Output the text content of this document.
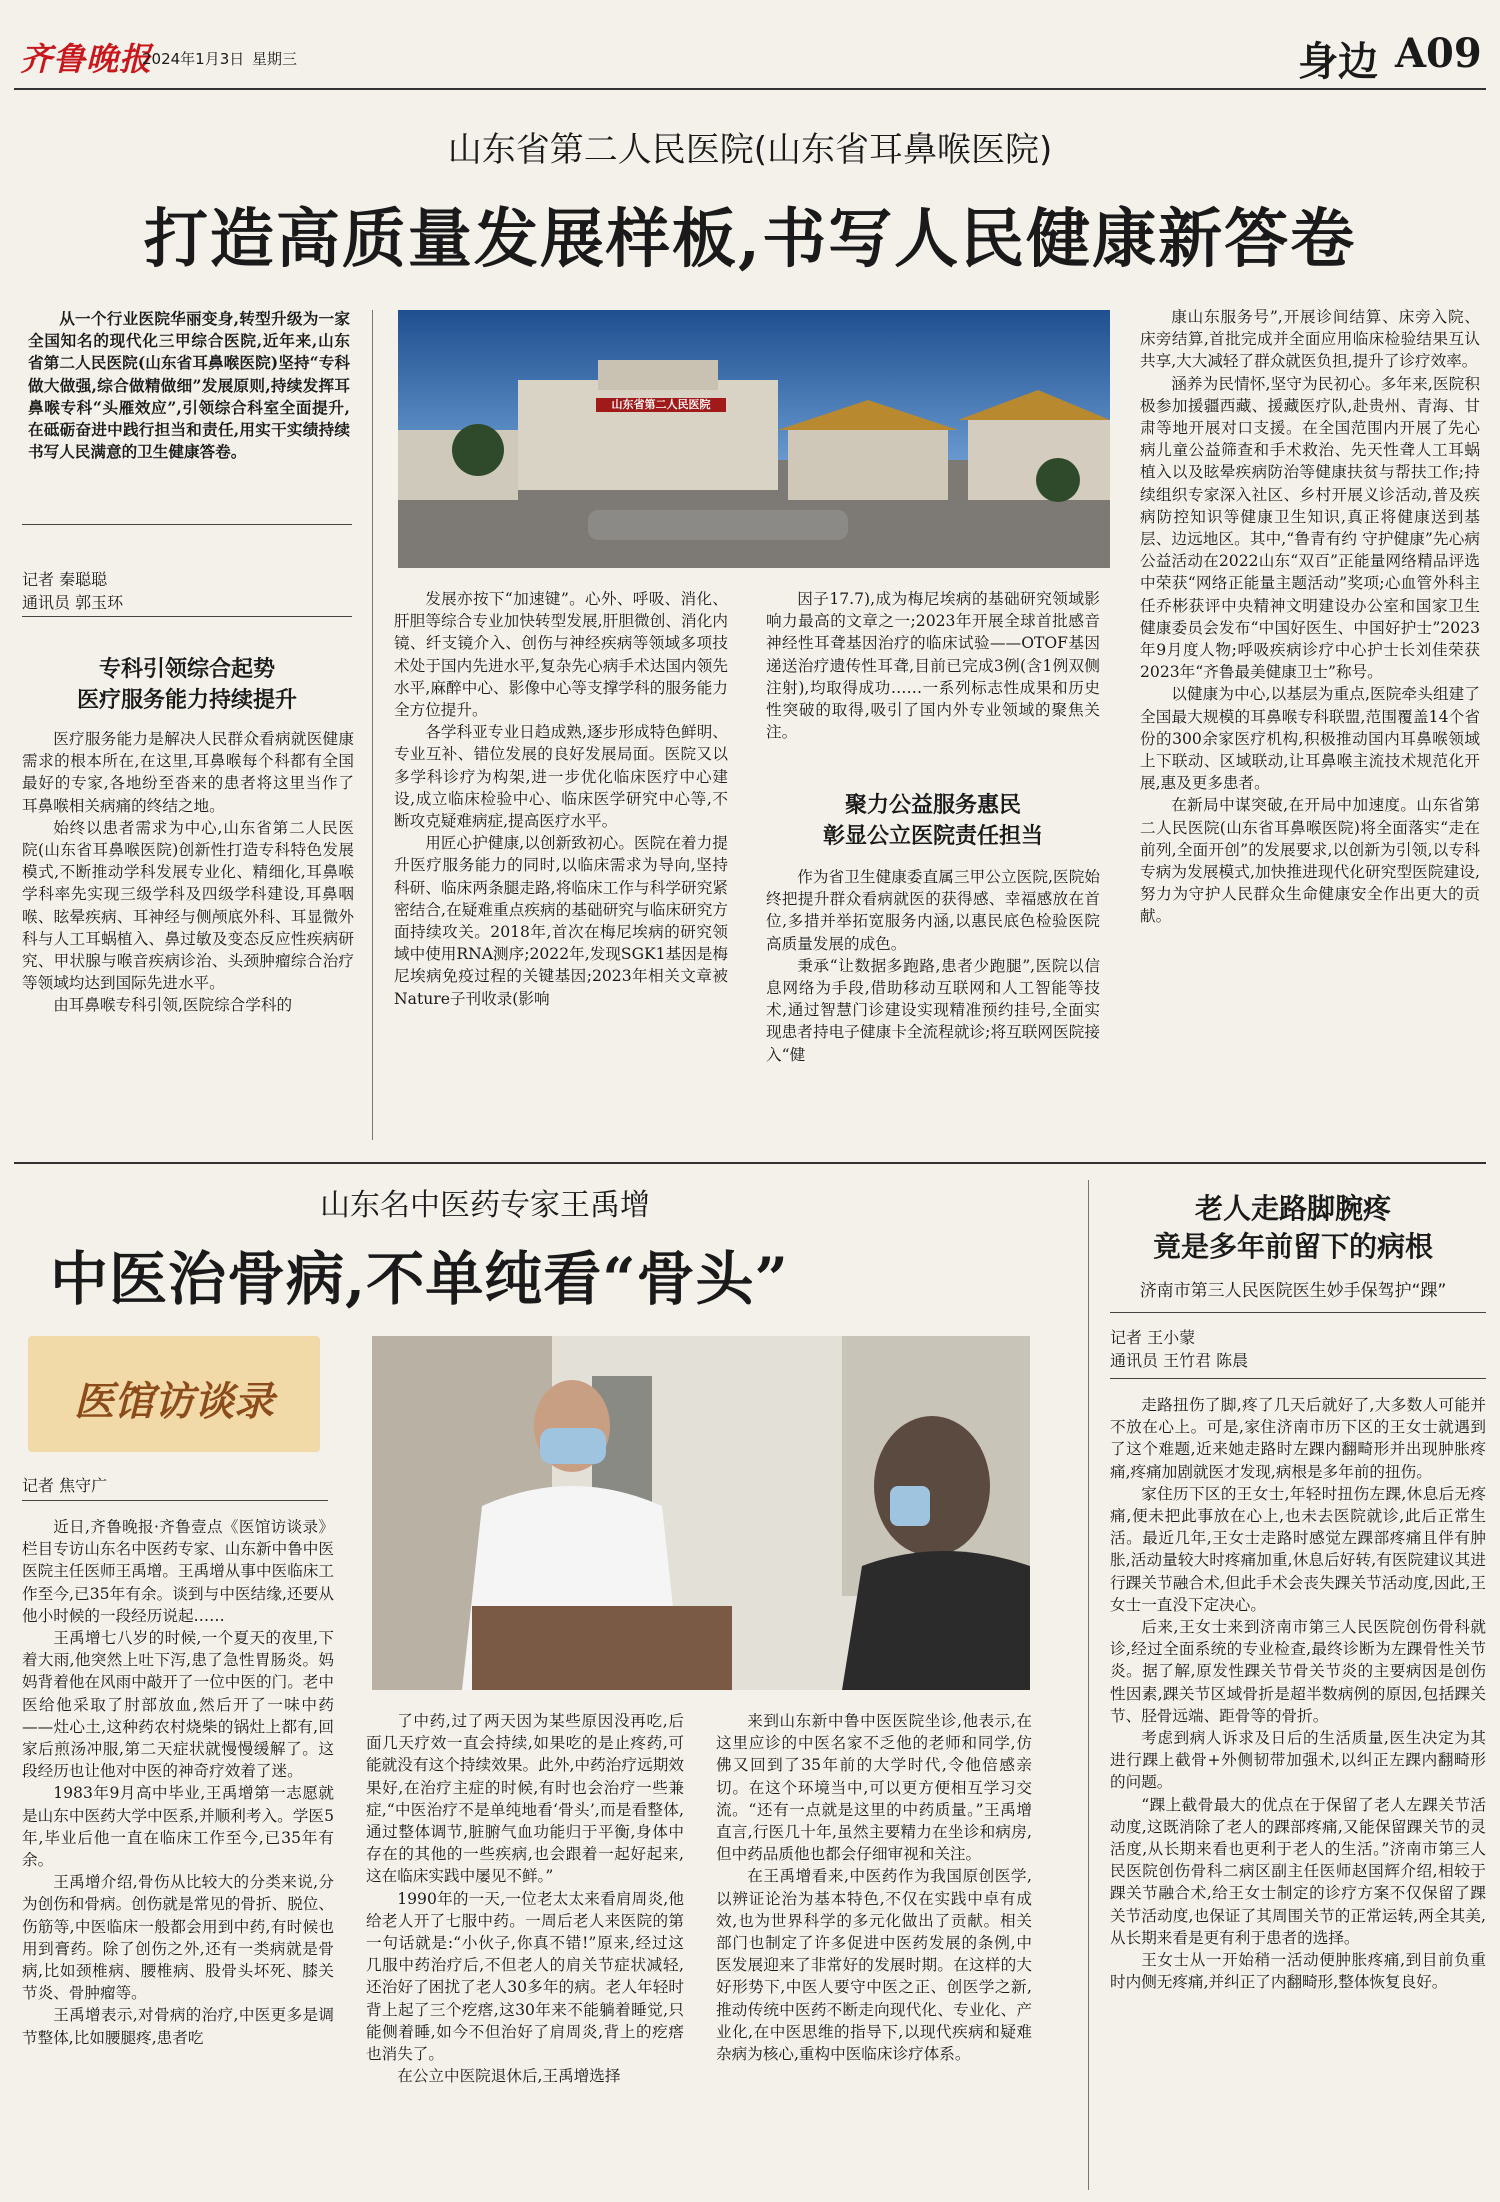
齐鲁晚报
2024年1月3日 星期三	身边 A09
山东省第二人民医院(山东省耳鼻喉医院)
打造高质量发展样板,书写人民健康新答卷

从一个行业医院华丽变身,转型升级为一家全国知名的现代化三甲综合医院,近年来,山东省第二人民医院(山东省耳鼻喉医院)坚持“专科做大做强,综合做精做细”发展原则,持续发挥耳鼻喉专科“头雁效应”,引领综合科室全面提升,在砥砺奋进中践行担当和责任,用实干实绩持续书写人民满意的卫生健康答卷。

山东省第二人民医院
记者 秦聪聪
通讯员 郭玉环
专科引领综合起势
医疗服务能力持续提升

医疗服务能力是解决人民群众看病就医健康需求的根本所在,在这里,耳鼻喉每个科都有全国最好的专家,各地纷至沓来的患者将这里当作了耳鼻喉相关病痛的终结之地。

始终以患者需求为中心,山东省第二人民医院(山东省耳鼻喉医院)创新性打造专科特色发展模式,不断推动学科发展专业化、精细化,耳鼻喉学科率先实现三级学科及四级学科建设,耳鼻咽喉、眩晕疾病、耳神经与侧颅底外科、耳显微外科与人工耳蜗植入、鼻过敏及变态反应性疾病研究、甲状腺与喉音疾病诊治、头颈肿瘤综合治疗等领域均达到国际先进水平。

由耳鼻喉专科引领,医院综合学科的

发展亦按下“加速键”。心外、呼吸、消化、肝胆等综合专业加快转型发展,肝胆微创、消化内镜、纤支镜介入、创伤与神经疾病等领域多项技术处于国内先进水平,复杂先心病手术达国内领先水平,麻醉中心、影像中心等支撑学科的服务能力全方位提升。

各学科亚专业日趋成熟,逐步形成特色鲜明、专业互补、错位发展的良好发展局面。医院又以多学科诊疗为构架,进一步优化临床医疗中心建设,成立临床检验中心、临床医学研究中心等,不断攻克疑难病症,提高医疗水平。

用匠心护健康,以创新致初心。医院在着力提升医疗服务能力的同时,以临床需求为导向,坚持科研、临床两条腿走路,将临床工作与科学研究紧密结合,在疑难重点疾病的基础研究与临床研究方面持续攻关。2018年,首次在梅尼埃病的研究领域中使用RNA测序;2022年,发现SGK1基因是梅尼埃病免疫过程的关键基因;2023年相关文章被Nature子刊收录(影响

因子17.7),成为梅尼埃病的基础研究领域影响力最高的文章之一;2023年开展全球首批感音神经性耳聋基因治疗的临床试验——OTOF基因递送治疗遗传性耳聋,目前已完成3例(含1例双侧注射),均取得成功……一系列标志性成果和历史性突破的取得,吸引了国内外专业领域的聚焦关注。

聚力公益服务惠民
彰显公立医院责任担当

作为省卫生健康委直属三甲公立医院,医院始终把提升群众看病就医的获得感、幸福感放在首位,多措并举拓宽服务内涵,以惠民底色检验医院高质量发展的成色。

秉承“让数据多跑路,患者少跑腿”,医院以信息网络为手段,借助移动互联网和人工智能等技术,通过智慧门诊建设实现精准预约挂号,全面实现患者持电子健康卡全流程就诊;将互联网医院接入“健

康山东服务号”,开展诊间结算、床旁入院、床旁结算,首批完成并全面应用临床检验结果互认共享,大大减轻了群众就医负担,提升了诊疗效率。

涵养为民情怀,坚守为民初心。多年来,医院积极参加援疆西藏、援藏医疗队,赴贵州、青海、甘肃等地开展对口支援。在全国范围内开展了先心病儿童公益筛查和手术救治、先天性聋人工耳蜗植入以及眩晕疾病防治等健康扶贫与帮扶工作;持续组织专家深入社区、乡村开展义诊活动,普及疾病防控知识等健康卫生知识,真正将健康送到基层、边远地区。其中,“鲁青有约 守护健康”先心病公益活动在2022山东“双百”正能量网络精品评选中荣获“网络正能量主题活动”奖项;心血管外科主任乔彬获评中央精神文明建设办公室和国家卫生健康委员会发布“中国好医生、中国好护士”2023年9月度人物;呼吸疾病诊疗中心护士长刘佳荣获2023年“齐鲁最美健康卫士”称号。

以健康为中心,以基层为重点,医院牵头组建了全国最大规模的耳鼻喉专科联盟,范围覆盖14个省份的300余家医疗机构,积极推动国内耳鼻喉领域上下联动、区域联动,让耳鼻喉主流技术规范化开展,惠及更多患者。

在新局中谋突破,在开局中加速度。山东省第二人民医院(山东省耳鼻喉医院)将全面落实“走在前列,全面开创”的发展要求,以创新为引领,以专科专病为发展模式,加快推进现代化研究型医院建设,努力为守护人民群众生命健康安全作出更大的贡献。

山东名中医药专家王禹增
中医治骨病,不单纯看“骨头”
医馆访谈录
记者 焦守广

近日,齐鲁晚报·齐鲁壹点《医馆访谈录》栏目专访山东名中医药专家、山东新中鲁中医医院主任医师王禹增。王禹增从事中医临床工作至今,已35年有余。谈到与中医结缘,还要从他小时候的一段经历说起……

王禹增七八岁的时候,一个夏天的夜里,下着大雨,他突然上吐下泻,患了急性胃肠炎。妈妈背着他在风雨中敲开了一位中医的门。老中医给他采取了肘部放血,然后开了一味中药——灶心土,这种药农村烧柴的锅灶上都有,回家后煎汤冲服,第二天症状就慢慢缓解了。这段经历也让他对中医的神奇疗效着了迷。

1983年9月高中毕业,王禹增第一志愿就是山东中医药大学中医系,并顺利考入。学医5年,毕业后他一直在临床工作至今,已35年有余。

王禹增介绍,骨伤从比较大的分类来说,分为创伤和骨病。创伤就是常见的骨折、脱位、伤筋等,中医临床一般都会用到中药,有时候也用到膏药。除了创伤之外,还有一类病就是骨病,比如颈椎病、腰椎病、股骨头坏死、膝关节炎、骨肿瘤等。

王禹增表示,对骨病的治疗,中医更多是调节整体,比如腰腿疼,患者吃

了中药,过了两天因为某些原因没再吃,后面几天疗效一直会持续,如果吃的是止疼药,可能就没有这个持续效果。此外,中药治疗远期效果好,在治疗主症的时候,有时也会治疗一些兼症,“中医治疗不是单纯地看‘骨头’,而是看整体,通过整体调节,脏腑气血功能归于平衡,身体中存在的其他的一些疾病,也会跟着一起好起来,这在临床实践中屡见不鲜。”

1990年的一天,一位老太太来看肩周炎,他给老人开了七服中药。一周后老人来医院的第一句话就是:“小伙子,你真不错!”原来,经过这几服中药治疗后,不但老人的肩关节症状减轻,还治好了困扰了老人30多年的病。老人年轻时背上起了三个疙瘩,这30年来不能躺着睡觉,只能侧着睡,如今不但治好了肩周炎,背上的疙瘩也消失了。

在公立中医院退休后,王禹增选择

来到山东新中鲁中医医院坐诊,他表示,在这里应诊的中医名家不乏他的老师和同学,仿佛又回到了35年前的大学时代,令他倍感亲切。在这个环境当中,可以更方便相互学习交流。“还有一点就是这里的中药质量。”王禹增直言,行医几十年,虽然主要精力在坐诊和病房,但中药品质他也都会仔细审视和关注。

在王禹增看来,中医药作为我国原创医学,以辨证论治为基本特色,不仅在实践中卓有成效,也为世界科学的多元化做出了贡献。相关部门也制定了许多促进中医药发展的条例,中医发展迎来了非常好的发展时期。在这样的大好形势下,中医人要守中医之正、创医学之新,推动传统中医药不断走向现代化、专业化、产业化,在中医思维的指导下,以现代疾病和疑难杂病为核心,重构中医临床诊疗体系。

老人走路脚腕疼
竟是多年前留下的病根
济南市第三人民医院医生妙手保驾护“踝”
记者 王小蒙
通讯员 王竹君 陈晨

走路扭伤了脚,疼了几天后就好了,大多数人可能并不放在心上。可是,家住济南市历下区的王女士就遇到了这个难题,近来她走路时左踝内翻畸形并出现肿胀疼痛,疼痛加剧就医才发现,病根是多年前的扭伤。

家住历下区的王女士,年轻时扭伤左踝,休息后无疼痛,便未把此事放在心上,也未去医院就诊,此后正常生活。最近几年,王女士走路时感觉左踝部疼痛且伴有肿胀,活动量较大时疼痛加重,休息后好转,有医院建议其进行踝关节融合术,但此手术会丧失踝关节活动度,因此,王女士一直没下定决心。

后来,王女士来到济南市第三人民医院创伤骨科就诊,经过全面系统的专业检查,最终诊断为左踝骨性关节炎。据了解,原发性踝关节骨关节炎的主要病因是创伤性因素,踝关节区域骨折是超半数病例的原因,包括踝关节、胫骨远端、距骨等的骨折。

考虑到病人诉求及日后的生活质量,医生决定为其进行踝上截骨+外侧韧带加强术,以纠正左踝内翻畸形的问题。

“踝上截骨最大的优点在于保留了老人左踝关节活动度,这既消除了老人的踝部疼痛,又能保留踝关节的灵活度,从长期来看也更利于老人的生活。”济南市第三人民医院创伤骨科二病区副主任医师赵国辉介绍,相较于踝关节融合术,给王女士制定的诊疗方案不仅保留了踝关节活动度,也保证了其周围关节的正常运转,两全其美,从长期来看是更有利于患者的选择。

王女士从一开始稍一活动便肿胀疼痛,到目前负重时内侧无疼痛,并纠正了内翻畸形,整体恢复良好。
